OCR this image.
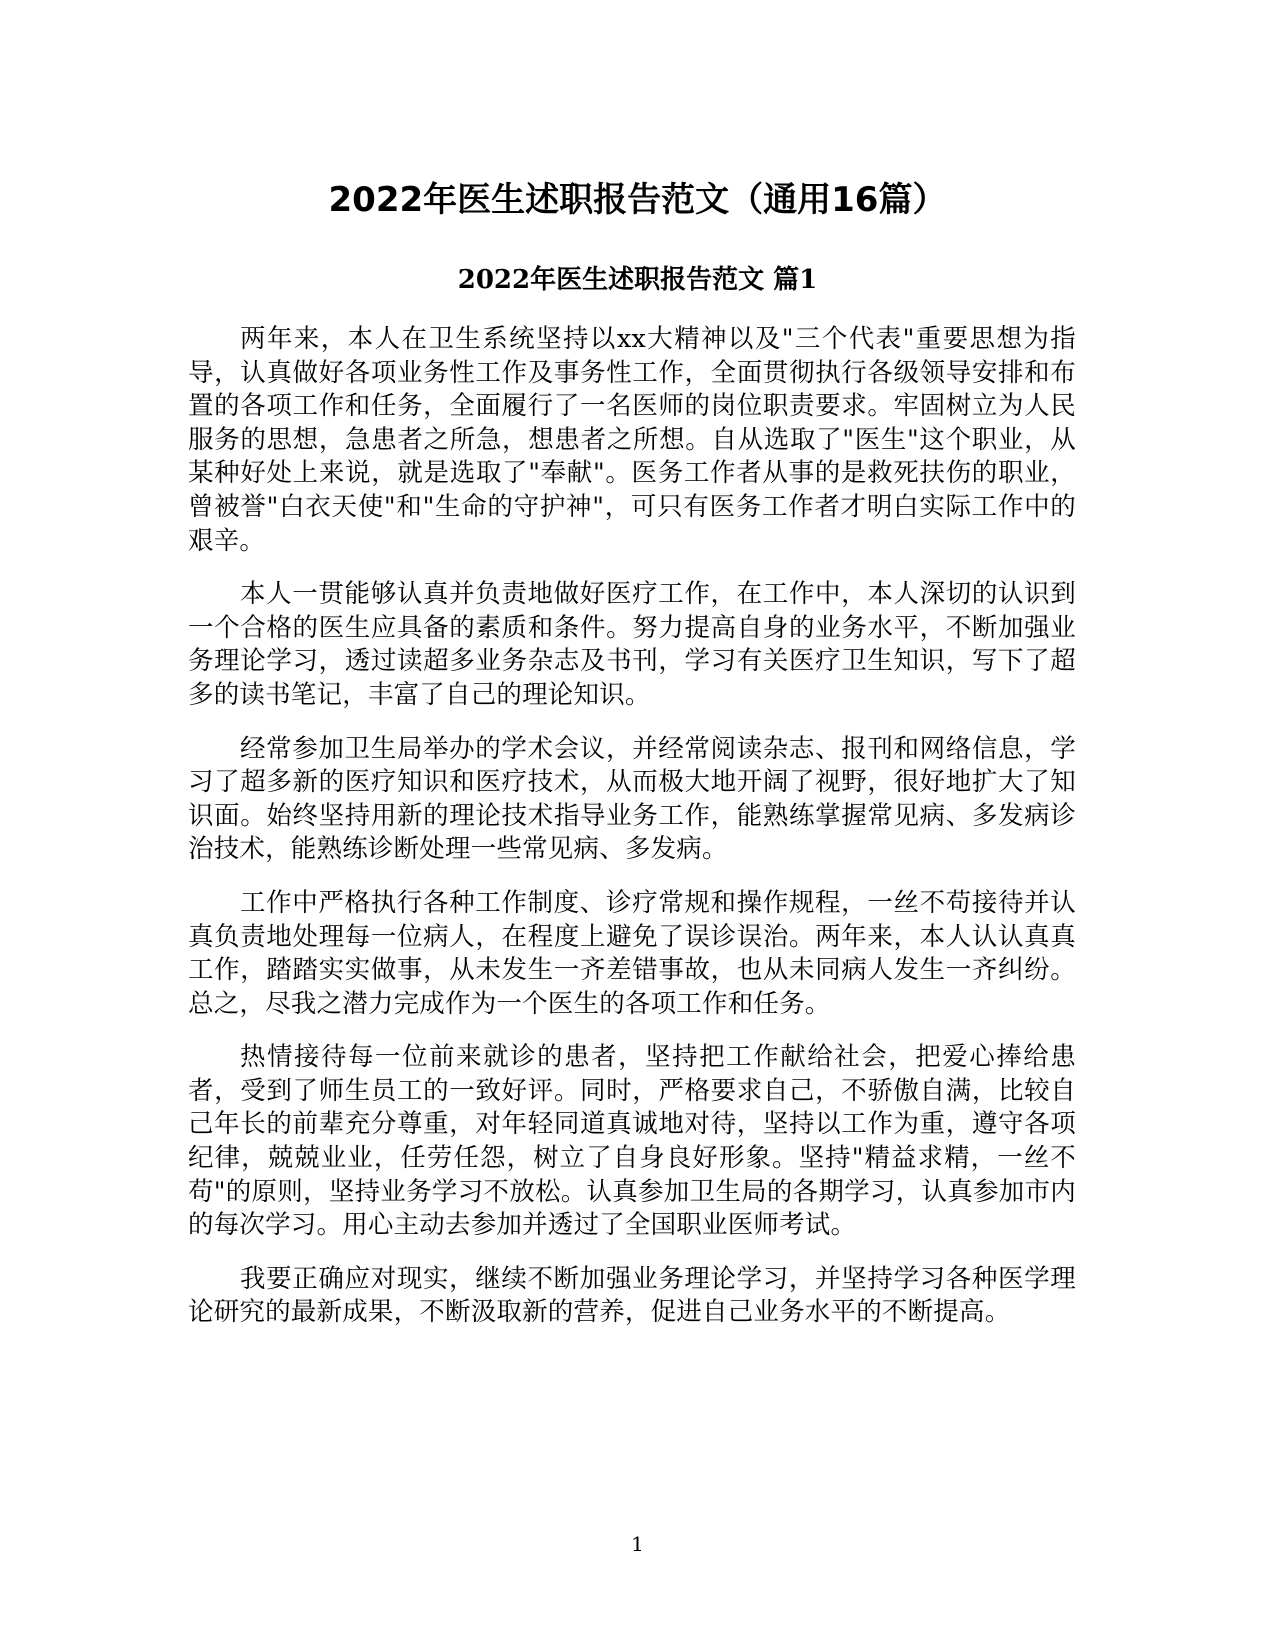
2022年医生述职报告范文（通用16篇）
2022年医生述职报告范文 篇1

两年来，本人在卫生系统坚持以xx大精神以及"三个代表"重要思想为指导，认真做好各项业务性工作及事务性工作，全面贯彻执行各级领导安排和布置的各项工作和任务，全面履行了一名医师的岗位职责要求。牢固树立为人民服务的思想，急患者之所急，想患者之所想。自从选取了"医生"这个职业，从某种好处上来说，就是选取了"奉献"。医务工作者从事的是救死扶伤的职业，曾被誉"白衣天使"和"生命的守护神"，可只有医务工作者才明白实际工作中的艰辛。

本人一贯能够认真并负责地做好医疗工作，在工作中，本人深切的认识到一个合格的医生应具备的素质和条件。努力提高自身的业务水平，不断加强业务理论学习，透过读超多业务杂志及书刊，学习有关医疗卫生知识，写下了超多的读书笔记，丰富了自己的理论知识。

经常参加卫生局举办的学术会议，并经常阅读杂志、报刊和网络信息，学习了超多新的医疗知识和医疗技术，从而极大地开阔了视野，很好地扩大了知识面。始终坚持用新的理论技术指导业务工作，能熟练掌握常见病、多发病诊治技术，能熟练诊断处理一些常见病、多发病。

工作中严格执行各种工作制度、诊疗常规和操作规程，一丝不苟接待并认真负责地处理每一位病人，在程度上避免了误诊误治。两年来，本人认认真真工作，踏踏实实做事，从未发生一齐差错事故，也从未同病人发生一齐纠纷。总之，尽我之潜力完成作为一个医生的各项工作和任务。

热情接待每一位前来就诊的患者，坚持把工作献给社会，把爱心捧给患者，受到了师生员工的一致好评。同时，严格要求自己，不骄傲自满，比较自己年长的前辈充分尊重，对年轻同道真诚地对待，坚持以工作为重，遵守各项纪律，兢兢业业，任劳任怨，树立了自身良好形象。坚持"精益求精，一丝不苟"的原则，坚持业务学习不放松。认真参加卫生局的各期学习，认真参加市内的每次学习。用心主动去参加并透过了全国职业医师考试。

我要正确应对现实，继续不断加强业务理论学习，并坚持学习各种医学理论研究的最新成果，不断汲取新的营养，促进自己业务水平的不断提高。

1
